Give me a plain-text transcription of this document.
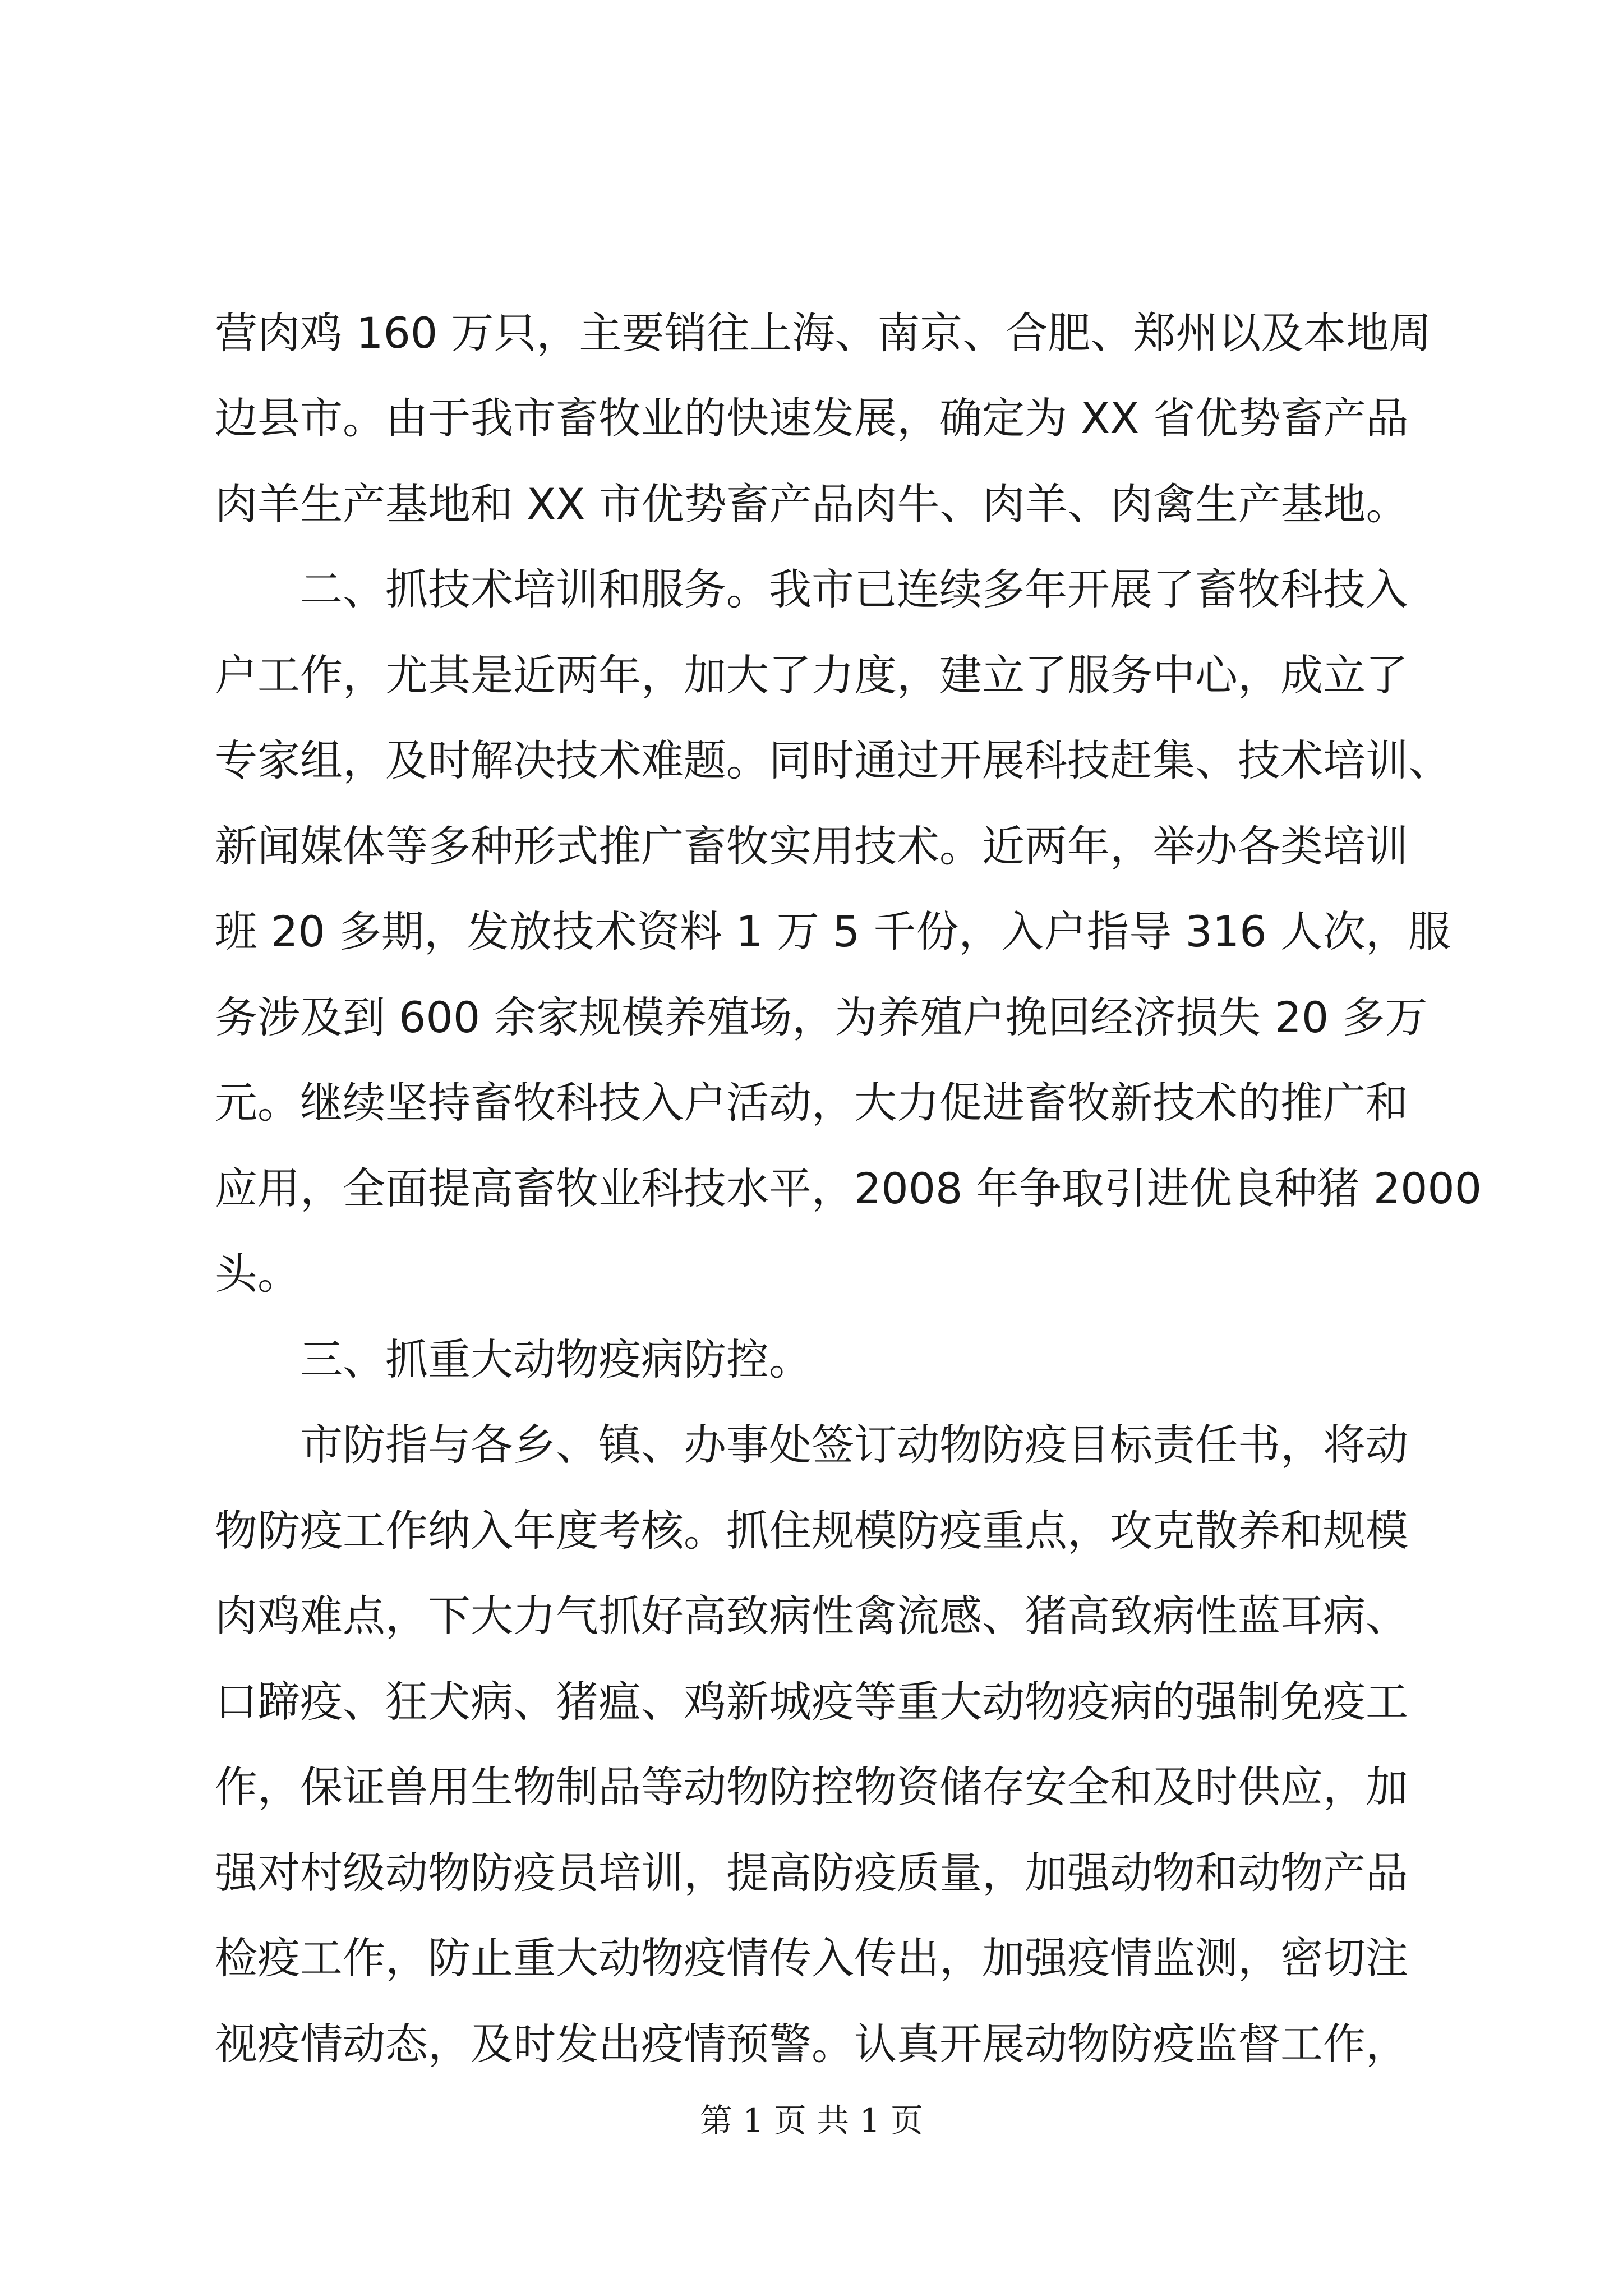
营肉鸡 160 万只，主要销往上海、南京、合肥、郑州以及本地周
边县市。由于我市畜牧业的快速发展，确定为 XX 省优势畜产品
肉羊生产基地和 XX 市优势畜产品肉牛、肉羊、肉禽生产基地。
　　二、抓技术培训和服务。我市已连续多年开展了畜牧科技入
户工作，尤其是近两年，加大了力度，建立了服务中心，成立了
专家组，及时解决技术难题。同时通过开展科技赶集、技术培训、
新闻媒体等多种形式推广畜牧实用技术。近两年，举办各类培训
班 20 多期，发放技术资料 1 万 5 千份，入户指导 316 人次，服
务涉及到 600 余家规模养殖场，为养殖户挽回经济损失 20 多万
元。继续坚持畜牧科技入户活动，大力促进畜牧新技术的推广和
应用，全面提高畜牧业科技水平，2008 年争取引进优良种猪 2000
头。
　　三、抓重大动物疫病防控。
　　市防指与各乡、镇、办事处签订动物防疫目标责任书，将动
物防疫工作纳入年度考核。抓住规模防疫重点，攻克散养和规模
肉鸡难点，下大力气抓好高致病性禽流感、猪高致病性蓝耳病、
口蹄疫、狂犬病、猪瘟、鸡新城疫等重大动物疫病的强制免疫工
作，保证兽用生物制品等动物防控物资储存安全和及时供应，加
强对村级动物防疫员培训，提高防疫质量，加强动物和动物产品
检疫工作，防止重大动物疫情传入传出，加强疫情监测，密切注
视疫情动态，及时发出疫情预警。认真开展动物防疫监督工作，
第 1 页 共 1 页
